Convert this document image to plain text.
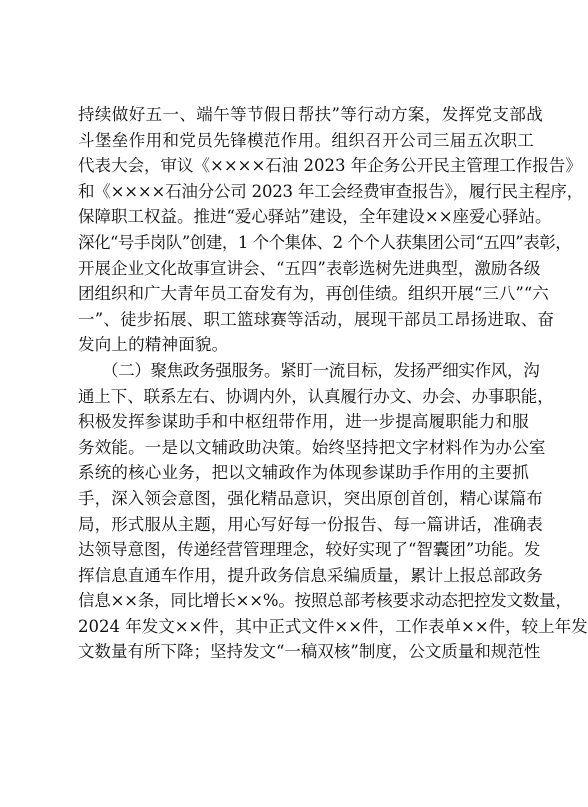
持续做好五一、端午等节假日帮扶”等行动方案，发挥党支部战
斗堡垒作用和党员先锋模范作用。组织召开公司三届五次职工
代表大会，审议《××××石油 2023 年企务公开民主管理工作报告》
和《××××石油分公司 2023 年工会经费审查报告》，履行民主程序，
保障职工权益。推进“爱心驿站”建设，全年建设××座爱心驿站。
深化“号手岗队”创建，1 个个集体、2 个个人获集团公司“五四”表彰，
开展企业文化故事宣讲会、“五四”表彰选树先进典型，激励各级
团组织和广大青年员工奋发有为，再创佳绩。组织开展“三八”“六
一”、徒步拓展、职工篮球赛等活动，展现干部员工昂扬进取、奋
发向上的精神面貌。
（二）聚焦政务强服务。紧盯一流目标，发扬严细实作风，沟
通上下、联系左右、协调内外，认真履行办文、办会、办事职能，
积极发挥参谋助手和中枢纽带作用，进一步提高履职能力和服
务效能。一是以文辅政助决策。始终坚持把文字材料作为办公室
系统的核心业务，把以文辅政作为体现参谋助手作用的主要抓
手，深入领会意图，强化精品意识，突出原创首创，精心谋篇布
局，形式服从主题，用心写好每一份报告、每一篇讲话，准确表
达领导意图，传递经营管理理念，较好实现了“智囊团”功能。发
挥信息直通车作用，提升政务信息采编质量，累计上报总部政务
信息××条，同比增长××%。按照总部考核要求动态把控发文数量，
2024 年发文××件，其中正式文件××件，工作表单××件，较上年发
文数量有所下降；坚持发文“一稿双核”制度，公文质量和规范性
